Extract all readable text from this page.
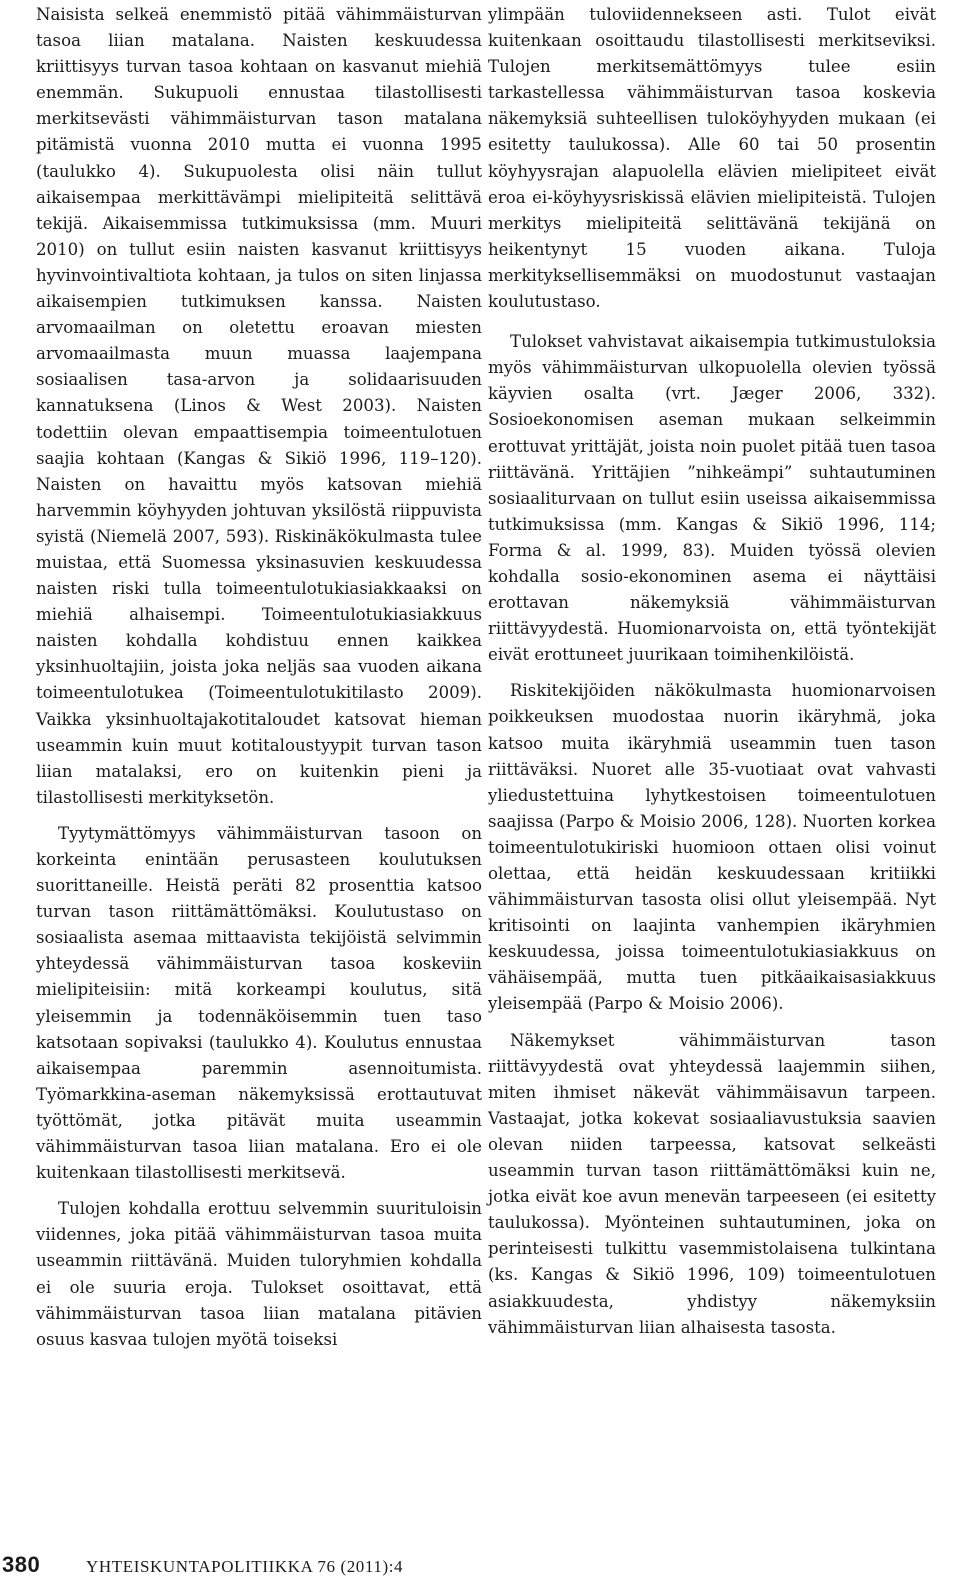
Naisista selkeä enemmistö pitää vähimmäisturvan tasoa liian matalana. Naisten keskuudessa kriittisyys turvan tasoa kohtaan on kasvanut miehiä enemmän. Sukupuoli ennustaa tilastollisesti merkitsevästi vähimmäisturvan tason matalana pitämistä vuonna 2010 mutta ei vuonna 1995 (taulukko 4). Sukupuolesta olisi näin tullut aikaisempaa merkittävämpi mielipiteitä selittävä tekijä. Aikaisemmissa tutkimuksissa (mm. Muuri 2010) on tullut esiin naisten kasvanut kriittisyys hyvinvointivaltiota kohtaan, ja tulos on siten linjassa aikaisempien tutkimuksen kanssa. Naisten arvomaailman on oletettu eroavan miesten arvomaailmasta muun muassa laajempana sosiaalisen tasa-arvon ja solidaarisuuden kannatuksena (Linos & West 2003). Naisten todettiin olevan empaattisempia toimeentulotuen saajia kohtaan (Kangas & Sikiö 1996, 119–120). Naisten on havaittu myös katsovan miehiä harvemmin köyhyyden johtuvan yksilöstä riippuvista syistä (Niemelä 2007, 593). Riskinäkökulmasta tulee muistaa, että Suomessa yksinasuvien keskuudessa naisten riski tulla toimeentulotukiasiakkaaksi on miehiä alhaisempi. Toimeentulotukiasiakkuus naisten kohdalla kohdistuu ennen kaikkea yksinhuoltajiin, joista joka neljäs saa vuoden aikana toimeentulotukea (Toimeentulotukitilasto 2009). Vaikka yksinhuoltajakotitaloudet katsovat hieman useammin kuin muut kotitaloustyypit turvan tason liian matalaksi, ero on kuitenkin pieni ja tilastollisesti merkityksetön.

Tyytymättömyys vähimmäisturvan tasoon on korkeinta enintään perusasteen koulutuksen suorittaneille. Heistä peräti 82 prosenttia katsoo turvan tason riittämättömäksi. Koulutustaso on sosiaalista asemaa mittaavista tekijöistä selvimmin yhteydessä vähimmäisturvan tasoa koskeviin mielipiteisiin: mitä korkeampi koulutus, sitä yleisemmin ja todennäköisemmin tuen taso katsotaan sopivaksi (taulukko 4). Koulutus ennustaa aikaisempaa paremmin asennoitumista. Työmarkkina-aseman näkemyksissä erottautuvat työttömät, jotka pitävät muita useammin vähimmäisturvan tasoa liian matalana. Ero ei ole kuitenkaan tilastollisesti merkitsevä.

Tulojen kohdalla erottuu selvemmin suurituloisin viidennes, joka pitää vähimmäisturvan tasoa muita useammin riittävänä. Muiden tuloryhmien kohdalla ei ole suuria eroja. Tulokset osoittavat, että vähimmäisturvan tasoa liian matalana pitävien osuus kasvaa tulojen myötä toiseksi

ylimpään tuloviidennekseen asti. Tulot eivät kuitenkaan osoittaudu tilastollisesti merkitseviksi. Tulojen merkitsemättömyys tulee esiin tarkastellessa vähimmäisturvan tasoa koskevia näkemyksiä suhteellisen tuloköyhyyden mukaan (ei esitetty taulukossa). Alle 60 tai 50 prosentin köyhyysrajan alapuolella elävien mielipiteet eivät eroa ei-köyhyysriskissä elävien mielipiteistä. Tulojen merkitys mielipiteitä selittävänä tekijänä on heikentynyt 15 vuoden aikana. Tuloja merkityksellisemmäksi on muodostunut vastaajan koulutustaso.

Tulokset vahvistavat aikaisempia tutkimustuloksia myös vähimmäisturvan ulkopuolella olevien työssä käyvien osalta (vrt. Jæger 2006, 332). Sosioekonomisen aseman mukaan selkeimmin erottuvat yrittäjät, joista noin puolet pitää tuen tasoa riittävänä. Yrittäjien ”nihkeämpi” suhtautuminen sosiaaliturvaan on tullut esiin useissa aikaisemmissa tutkimuksissa (mm. Kangas & Sikiö 1996, 114; Forma & al. 1999, 83). Muiden työssä olevien kohdalla sosio-ekonominen asema ei näyttäisi erottavan näkemyksiä vähimmäisturvan riittävyydestä. Huomionarvoista on, että työntekijät eivät erottuneet juurikaan toimihenkilöistä.

Riskitekijöiden näkökulmasta huomionarvoisen poikkeuksen muodostaa nuorin ikäryhmä, joka katsoo muita ikäryhmiä useammin tuen tason riittäväksi. Nuoret alle 35-vuotiaat ovat vahvasti yliedustettuina lyhytkestoisen toimeentulotuen saajissa (Parpo & Moisio 2006, 128). Nuorten korkea toimeentulotukiriski huomioon ottaen olisi voinut olettaa, että heidän keskuudessaan kritiikki vähimmäisturvan tasosta olisi ollut yleisempää. Nyt kritisointi on laajinta vanhempien ikäryhmien keskuudessa, joissa toimeentulotukiasiakkuus on vähäisempää, mutta tuen pitkäaikaisasiakkuus yleisempää (Parpo & Moisio 2006).

Näkemykset vähimmäisturvan tason riittävyydestä ovat yhteydessä laajemmin siihen, miten ihmiset näkevät vähimmäisavun tarpeen. Vastaajat, jotka kokevat sosiaaliavustuksia saavien olevan niiden tarpeessa, katsovat selkeästi useammin turvan tason riittämättömäksi kuin ne, jotka eivät koe avun menevän tarpeeseen (ei esitetty taulukossa). Myönteinen suhtautuminen, joka on perinteisesti tulkittu vasemmistolaisena tulkintana (ks. Kangas & Sikiö 1996, 109) toimeentulotuen asiakkuudesta, yhdistyy näkemyksiin vähimmäisturvan liian alhaisesta tasosta.

380	YHTEISKUNTAPOLITIIKKA 76 (2011):4
